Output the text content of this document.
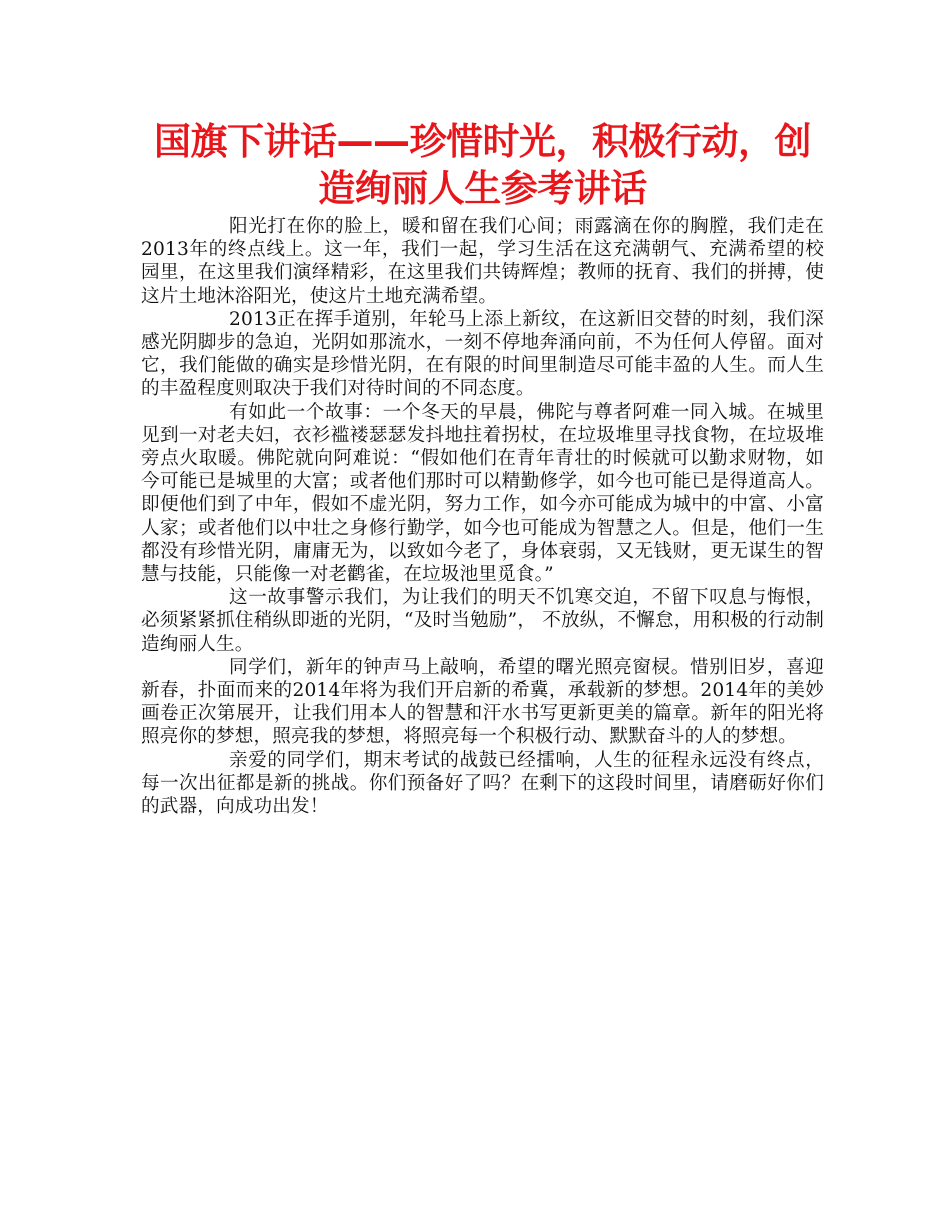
国旗下讲话——珍惜时光，积极行动，创造绚丽人生参考讲话

阳光打在你的脸上，暖和留在我们心间；雨露滴在你的胸膛，我们走在2013年的终点线上。这一年，我们一起，学习生活在这充满朝气、充满希望的校园里，在这里我们演绎精彩，在这里我们共铸辉煌；教师的抚育、我们的拼搏，使这片土地沐浴阳光，使这片土地充满希望。

2013正在挥手道别，年轮马上添上新纹，在这新旧交替的时刻，我们深感光阴脚步的急迫，光阴如那流水，一刻不停地奔涌向前，不为任何人停留。面对它，我们能做的确实是珍惜光阴，在有限的时间里制造尽可能丰盈的人生。而人生的丰盈程度则取决于我们对待时间的不同态度。

有如此一个故事：一个冬天的早晨，佛陀与尊者阿难一同入城。在城里见到一对老夫妇，衣衫褴褛瑟瑟发抖地拄着拐杖，在垃圾堆里寻找食物，在垃圾堆旁点火取暖。佛陀就向阿难说：“假如他们在青年青壮的时候就可以勤求财物，如今可能已是城里的大富；或者他们那时可以精勤修学，如今也可能已是得道高人。即便他们到了中年，假如不虚光阴，努力工作，如今亦可能成为城中的中富、小富人家；或者他们以中壮之身修行勤学，如今也可能成为智慧之人。但是，他们一生都没有珍惜光阴，庸庸无为，以致如今老了，身体衰弱，又无钱财，更无谋生的智慧与技能，只能像一对老鹳雀，在垃圾池里觅食。”

这一故事警示我们，为让我们的明天不饥寒交迫，不留下叹息与悔恨，必须紧紧抓住稍纵即逝的光阴，“及时当勉励”， 不放纵，不懈怠，用积极的行动制造绚丽人生。

同学们，新年的钟声马上敲响，希望的曙光照亮窗棂。惜别旧岁，喜迎新春，扑面而来的2014年将为我们开启新的希冀，承载新的梦想。2014年的美妙画卷正次第展开，让我们用本人的智慧和汗水书写更新更美的篇章。新年的阳光将照亮你的梦想，照亮我的梦想，将照亮每一个积极行动、默默奋斗的人的梦想。

亲爱的同学们，期末考试的战鼓已经擂响，人生的征程永远没有终点，每一次出征都是新的挑战。你们预备好了吗？在剩下的这段时间里，请磨砺好你们的武器，向成功出发！
